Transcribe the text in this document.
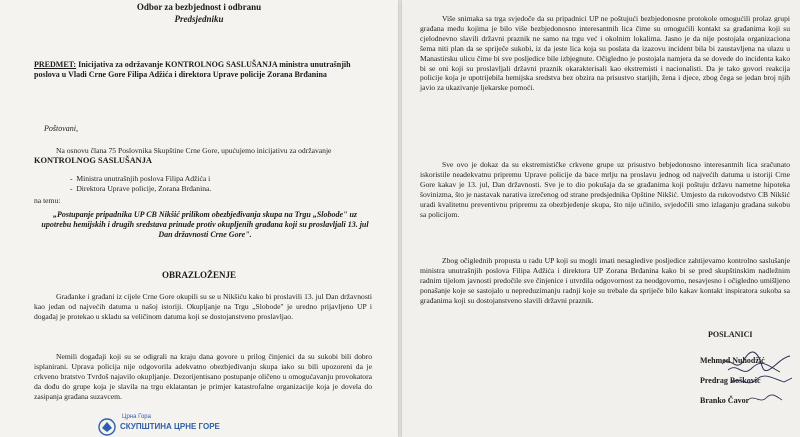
Odbor za bezbjednost i odbranu

Predsjedniku

PREDMET: Inicijativa za održavanje KONTROLNOG SASLUŠANJA ministra unutrašnjih poslova u Vladi Crne Gore Filipa Adžića i direktora Uprave policije Zorana Brđanina

Poštovani,

Na osnovu člana 75 Poslovnika Skupštine Crne Gore, upućujemo inicijativu za održavanje KONTROLNOG SASLUŠANJA
-  Ministra unutrašnjih poslova Filipa Adžića i
-  Direktora Uprave policije, Zorana Brđanina.

na temu:

„Postupanje pripadnika UP CB Nikšić prilikom obezbjeđivanja skupa na Trgu „Slobode" uz upotrebu hemijskih i drugih sredstava prinude protiv okupljenih građana koji su proslavljali 13. jul Dan državnosti Crne Gore".

OBRAZLOŽENJE

Građanke i građani iz cijele Crne Gore okupili su se u Nikšiću kako bi proslavili 13. jul Dan državnosti kao jedan od najvećih datuma u našoj istoriji. Okupljanje na Trgu „Slobode" je uredno prijavljeno UP i događaj je protekao u skladu sa veličinom datuma koji se dostojanstveno proslavljao.

Nemili događaji koji su se odigrali na kraju dana govore u prilog činjenici da su sukobi bili dobro isplanirani. Uprava policija nije odgovorila adekvatno obezbjeđivanju skupa iako su bili upozoreni da je crkveno bratstvo Tvrdoš najavilo okupljanje. Dezorijentisano postupanje oličeno u omogućavanju provokatora da dođu do grupe koja je slavila na trgu eklatantan je primjer katastrofalne organizacije koja je dovela do zasipanja građana suzavcem.

Црна Гора
СКУПШТИНА ЦРНЕ ГОРЕ

Više snimaka sa trga svjedoče da su pripadnici UP ne poštujući bezbjedonosne protokole omogućili prolaz grupi građana među kojima je bilo više bezbjedonosno interesantnih lica čime su omogućili kontakt sa građanima koji su cjelodnevno slavili državni praznik ne samo na trgu već i okolnim lokalima. Jasno je da nije postojala organizaciona šema niti plan da se spriječe sukobi, iz da jeste lica koja su poslata da izazovu incident bila bi zaustavljena na ulazu u Manastirsku ulicu čime bi sve posljedice bile izbjegnute. Očigledno je postojala namjera da se dovede do incidenta kako bi se oni koji su proslavljali državni praznik okarakterisali kao ekstremisti i nacionalisti. Da je tako govori reakcija policije koja je upotrijebila hemijska sredstva bez obzira na prisustvo starijih, žena i djece, zbog čega se jedan broj njih javio za ukazivanje ljekarske pomoći.

Sve ovo je dokaz da su ekstremističke crkvene grupe uz prisustvo bebjedonosno interesantnih lica sračunato iskoristile neadekvatnu pripremu Uprave policije da bace mrlju na proslavu jednog od najvećih datuma u istoriji Crne Gore kakav je 13. jul, Dan državnosti. Sve je to dio pokušaja da se građanima koji poštuju državu nametne hipoteka šovinizma, što je nastavak narativa izrečenog od strane predsjednika Opštine Nikšić. Umjesto da rukovodstvo CB Nikšić uradi kvalitetnu preventivnu pripremu za obezbjeđenje skupa, što nije učinilo, svjedočili smo izlaganju građana sukobu sa policijom.

Zbog očiglednih propusta u radu UP koji su mogli imati nesagledive posljedice zahtijevamo kontrolno saslušanje ministra unutrašnjih poslova Filipa Adžića i direktora UP Zorana Brđanina kako bi se pred skupštinskim nadležnim radnim tijelom javnosti predočile sve činjenice i utvrdila odgovornost za neodgovorno, nesavjesno i očigledno umišljeno ponašanje koje se sastojalo u nepreduzimanju radnji koje su trebale da spriječe bilo kakav kontakt inspiratora sukoba sa građanima koji su dostojanstveno slavili državni praznik.

POSLANICI

Mehmed Nuhodžić
Predrag Bošković
Branko Čavor
